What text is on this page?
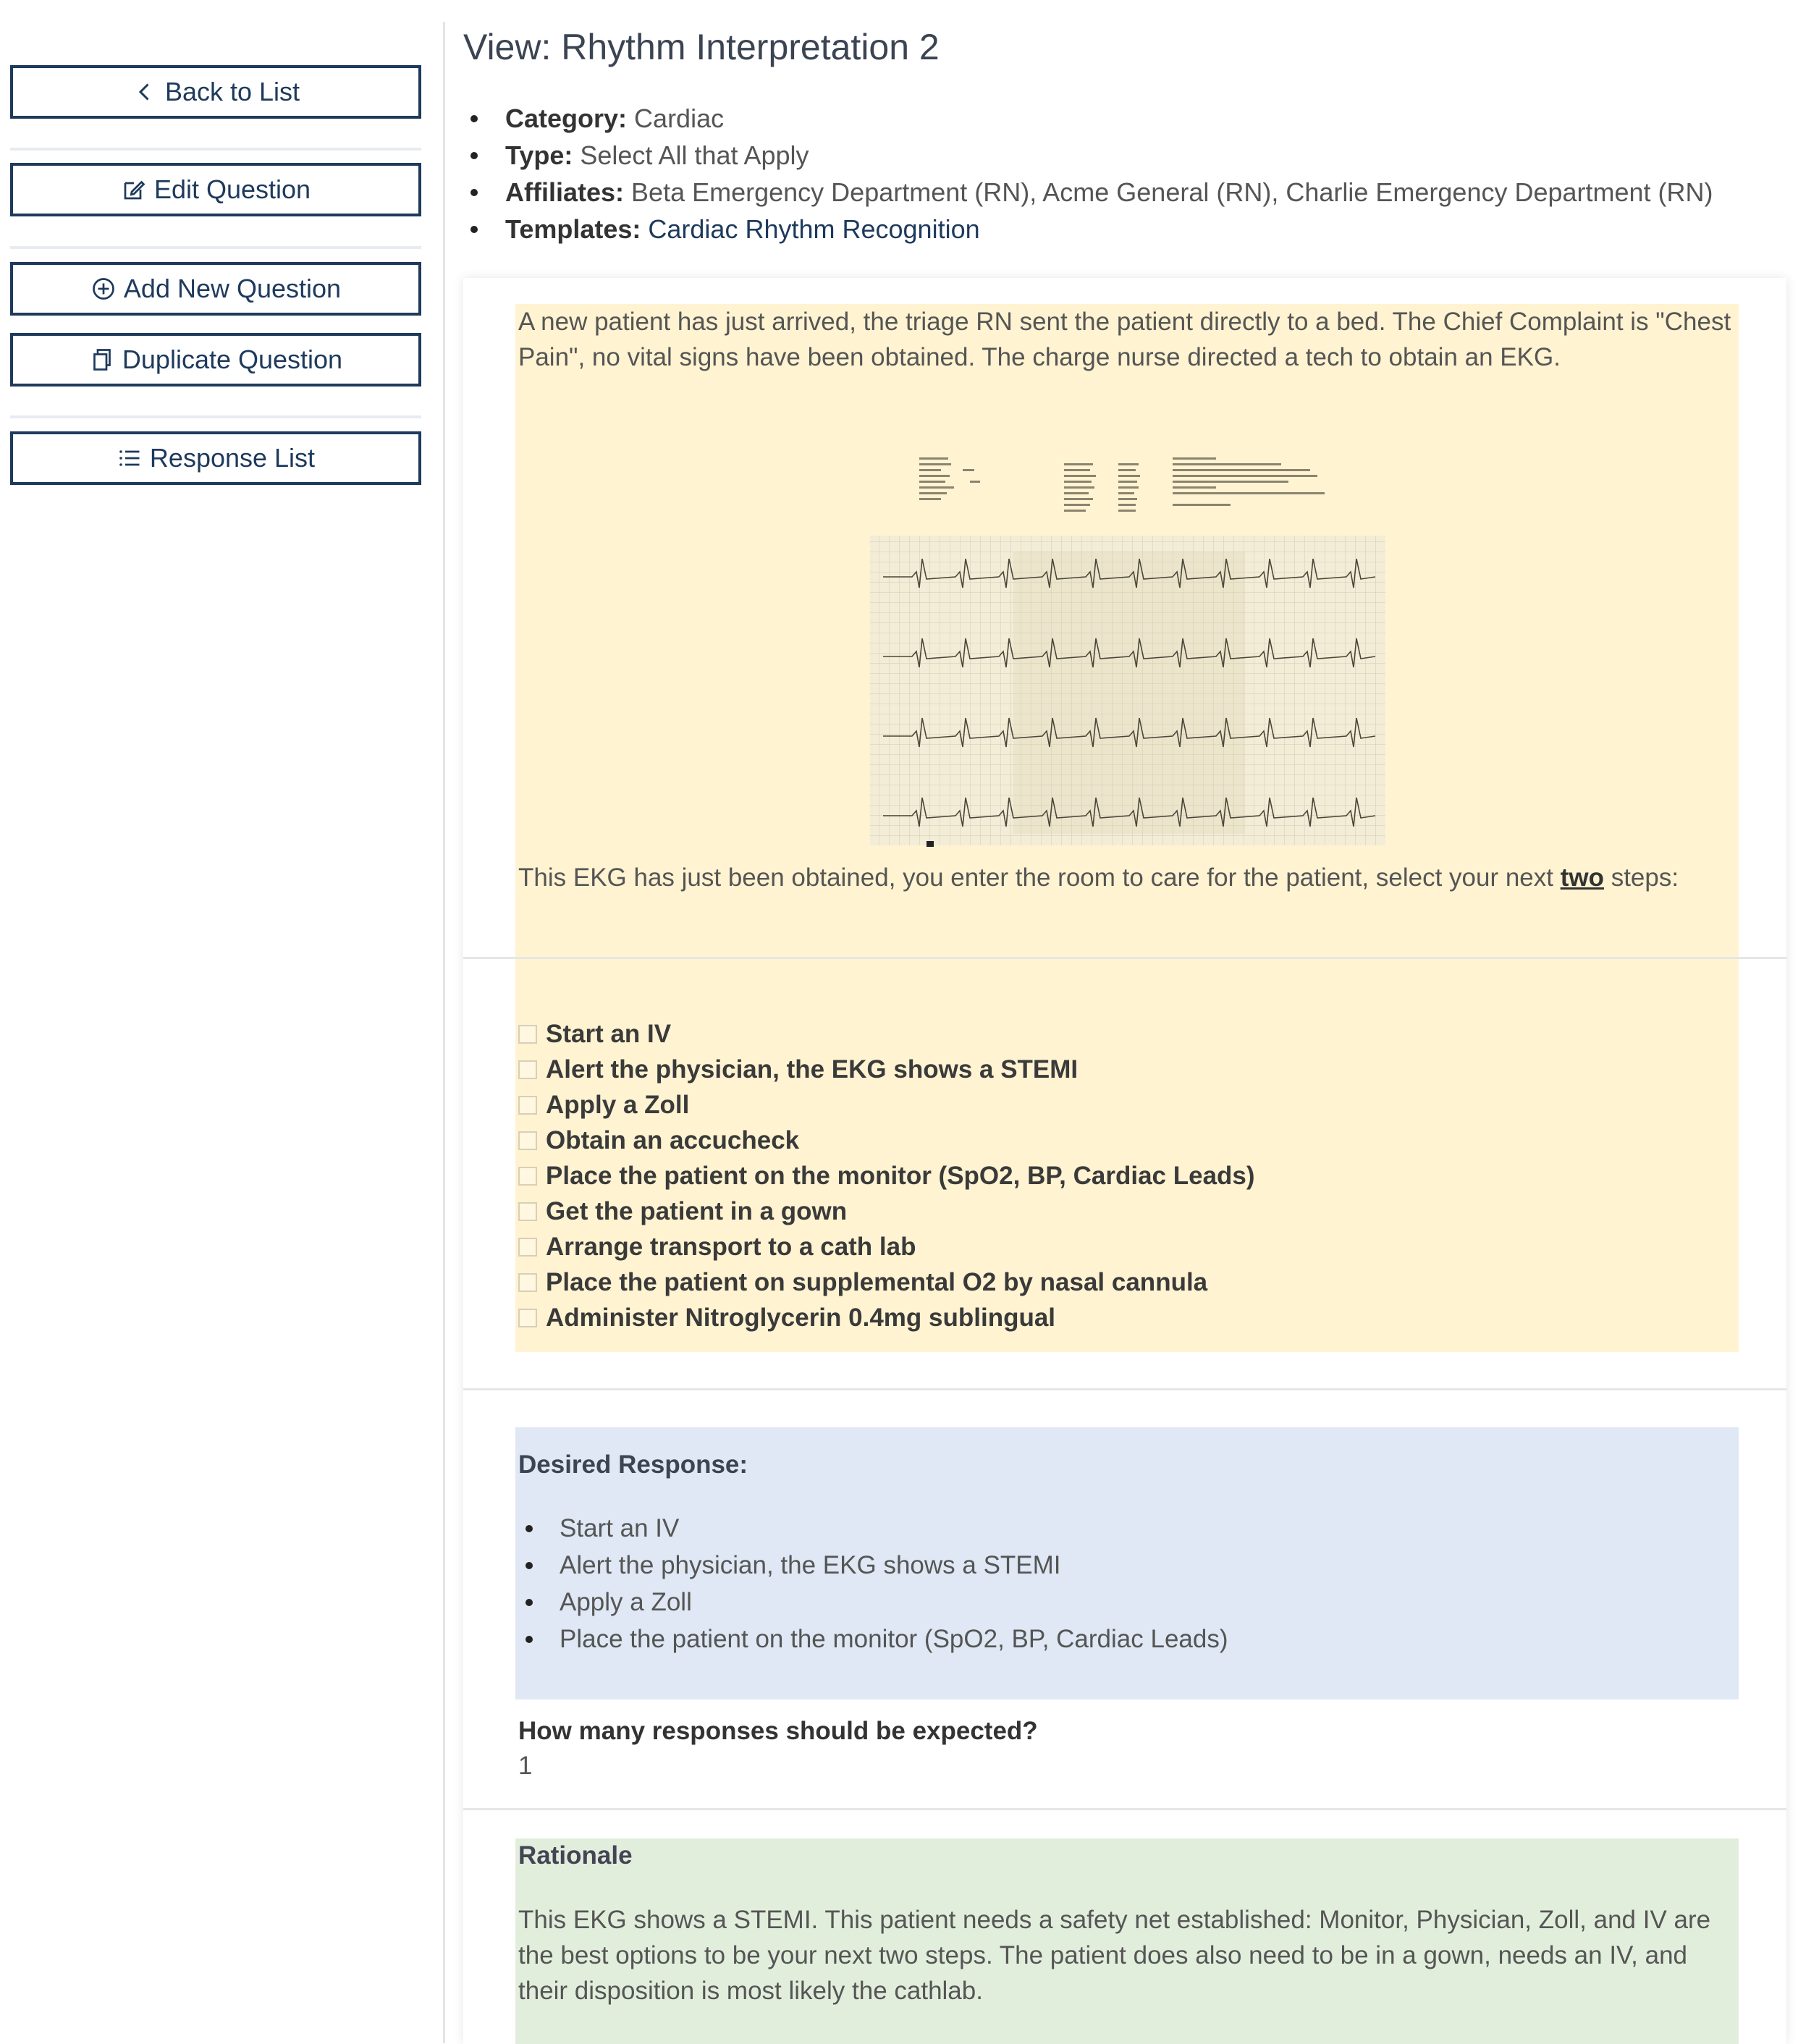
Back to List
Edit Question
Add New Question
Duplicate Question
Response List
View: Rhythm Interpretation 2
Category: Cardiac
Type: Select All that Apply
Affiliates: Beta Emergency Department (RN), Acme General (RN), Charlie Emergency Department (RN)
Templates: Cardiac Rhythm Recognition

A new patient has just arrived, the triage RN sent the patient directly to a bed. The Chief Complaint is "Chest Pain", no vital signs have been obtained. The charge nurse directed a tech to obtain an EKG.

This EKG has just been obtained, you enter the room to care for the patient, select your next two steps:

Start an IV
Alert the physician, the EKG shows a STEMI
Apply a Zoll
Obtain an accucheck
Place the patient on the monitor (SpO2, BP, Cardiac Leads)
Get the patient in a gown
Arrange transport to a cath lab
Place the patient on supplemental O2 by nasal cannula
Administer Nitroglycerin 0.4mg sublingual

Desired Response:

Start an IV
Alert the physician, the EKG shows a STEMI
Apply a Zoll
Place the patient on the monitor (SpO2, BP, Cardiac Leads)

How many responses should be expected?

1

Rationale

This EKG shows a STEMI. This patient needs a safety net established: Monitor, Physician, Zoll, and IV are the best options to be your next two steps. The patient does also need to be in a gown, needs an IV, and their disposition is most likely the cathlab.
